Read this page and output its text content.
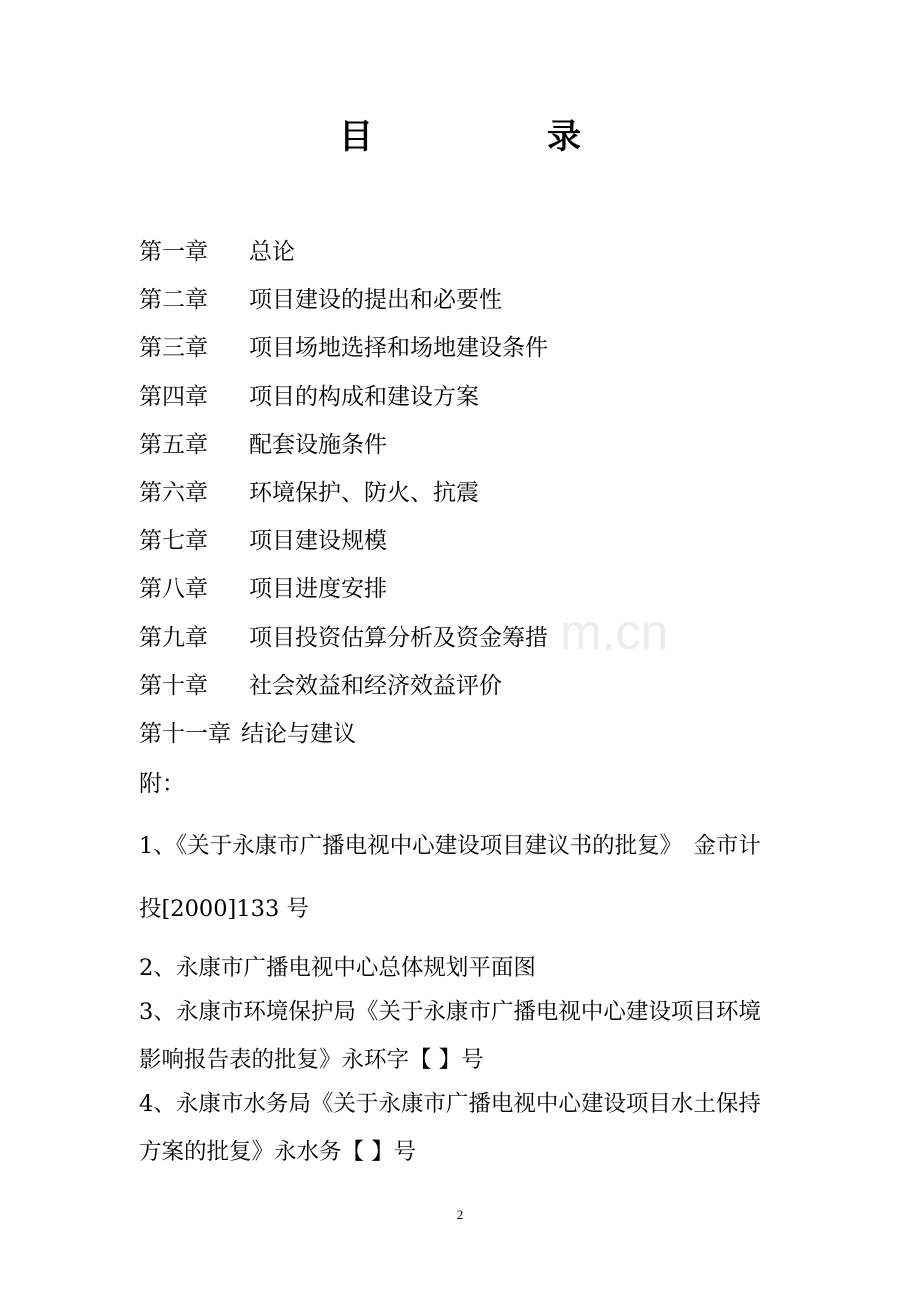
m.cn
目　录
第一章	总论
第二章	项目建设的提出和必要性
第三章	项目场地选择和场地建设条件
第四章	项目的构成和建设方案
第五章	配套设施条件
第六章	环境保护、防火、抗震
第七章	项目建设规模
第八章	项目进度安排
第九章	项目投资估算分析及资金筹措
第十章	社会效益和经济效益评价
第十一章 结论与建议
附：
1、《关于永康市广播电视中心建设项目建议书的批复》　金市计
投[2000]133 号
2、永康市广播电视中心总体规划平面图
3、永康市环境保护局《关于永康市广播电视中心建设项目环境
影响报告表的批复》永环字【 】号
4、永康市水务局《关于永康市广播电视中心建设项目水土保持
方案的批复》永水务【 】号
2
